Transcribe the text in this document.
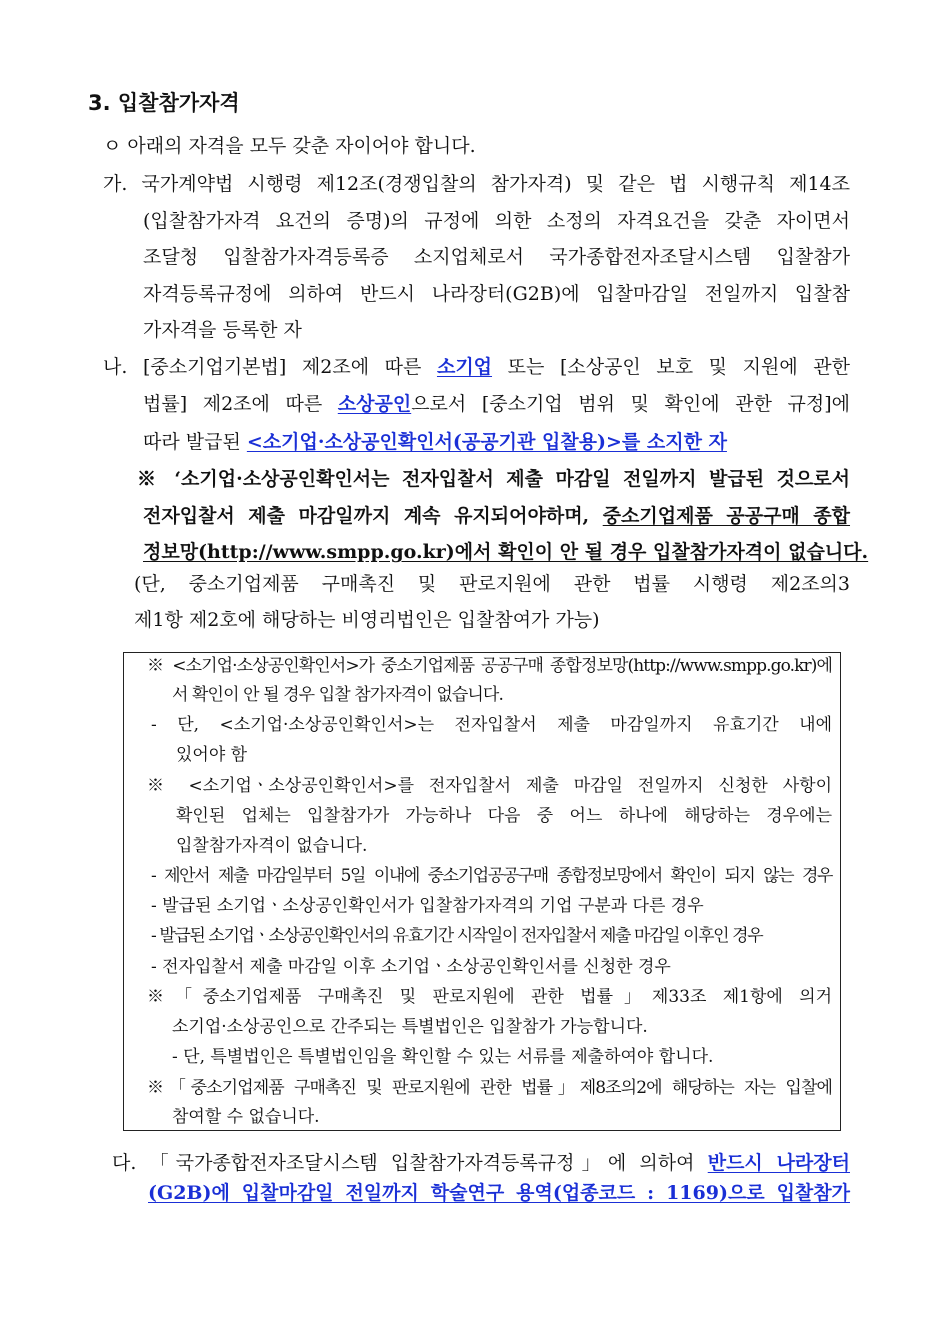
3. 입찰참가자격
ㅇ 아래의 자격을 모두 갖춘 자이어야 합니다.
가. 국가계약법 시행령 제12조(경쟁입찰의 참가자격) 및 같은 법 시행규칙 제14조
(입찰참가자격 요건의 증명)의 규정에 의한 소정의 자격요건을 갖춘 자이면서
조달청 입찰참가자격등록증 소지업체로서 국가종합전자조달시스템 입찰참가
자격등록규정에 의하여 반드시 나라장터(G2B)에 입찰마감일 전일까지 입찰참
가자격을 등록한 자
나. [중소기업기본법] 제2조에 따른 소기업 또는 [소상공인 보호 및 지원에 관한
법률] 제2조에 따른 소상공인으로서 [중소기업 범위 및 확인에 관한 규정]에
따라 발급된 <소기업·소상공인확인서(공공기관 입찰용)>를 소지한 자
※ ‘소기업·소상공인확인서는 전자입찰서 제출 마감일 전일까지 발급된 것으로서
전자입찰서 제출 마감일까지 계속 유지되어야하며, 중소기업제품 공공구매 종합
정보망(http://www.smpp.go.kr)에서 확인이 안 될 경우 입찰참가자격이 없습니다.
(단, 중소기업제품 구매촉진 및 판로지원에 관한 법률 시행령 제2조의3
제1항 제2호에 해당하는 비영리법인은 입찰참여가 가능)
※ <소기업·소상공인확인서>가 중소기업제품 공공구매 종합정보망(http://www.smpp.go.kr)에
서 확인이 안 될 경우 입찰 참가자격이 없습니다.
- 단, <소기업·소상공인확인서>는 전자입찰서 제출 마감일까지 유효기간 내에
있어야 함
※ <소기업ㆍ소상공인확인서>를 전자입찰서 제출 마감일 전일까지 신청한 사항이
확인된 업체는 입찰참가가 가능하나 다음 중 어느 하나에 해당하는 경우에는
입찰참가자격이 없습니다.
- 제안서 제출 마감일부터 5일 이내에 중소기업공공구매 종합정보망에서 확인이 되지 않는 경우
- 발급된 소기업ㆍ소상공인확인서가 입찰참가자격의 기업 구분과 다른 경우
- 발급된 소기업ㆍ소상공인확인서의 유효기간 시작일이 전자입찰서 제출 마감일 이후인 경우
- 전자입찰서 제출 마감일 이후 소기업ㆍ소상공인확인서를 신청한 경우
※「중소기업제품 구매촉진 및 판로지원에 관한 법률」제33조 제1항에 의거
소기업·소상공인으로 간주되는 특별법인은 입찰참가 가능합니다.
- 단, 특별법인은 특별법인임을 확인할 수 있는 서류를 제출하여야 합니다.
※「중소기업제품 구매촉진 및 판로지원에 관한 법률」제8조의2에 해당하는 자는 입찰에
참여할 수 없습니다.
다. 「국가종합전자조달시스템 입찰참가자격등록규정」에 의하여 반드시 나라장터
(G2B)에 입찰마감일 전일까지 학술연구 용역(업종코드 : 1169)으로 입찰참가
